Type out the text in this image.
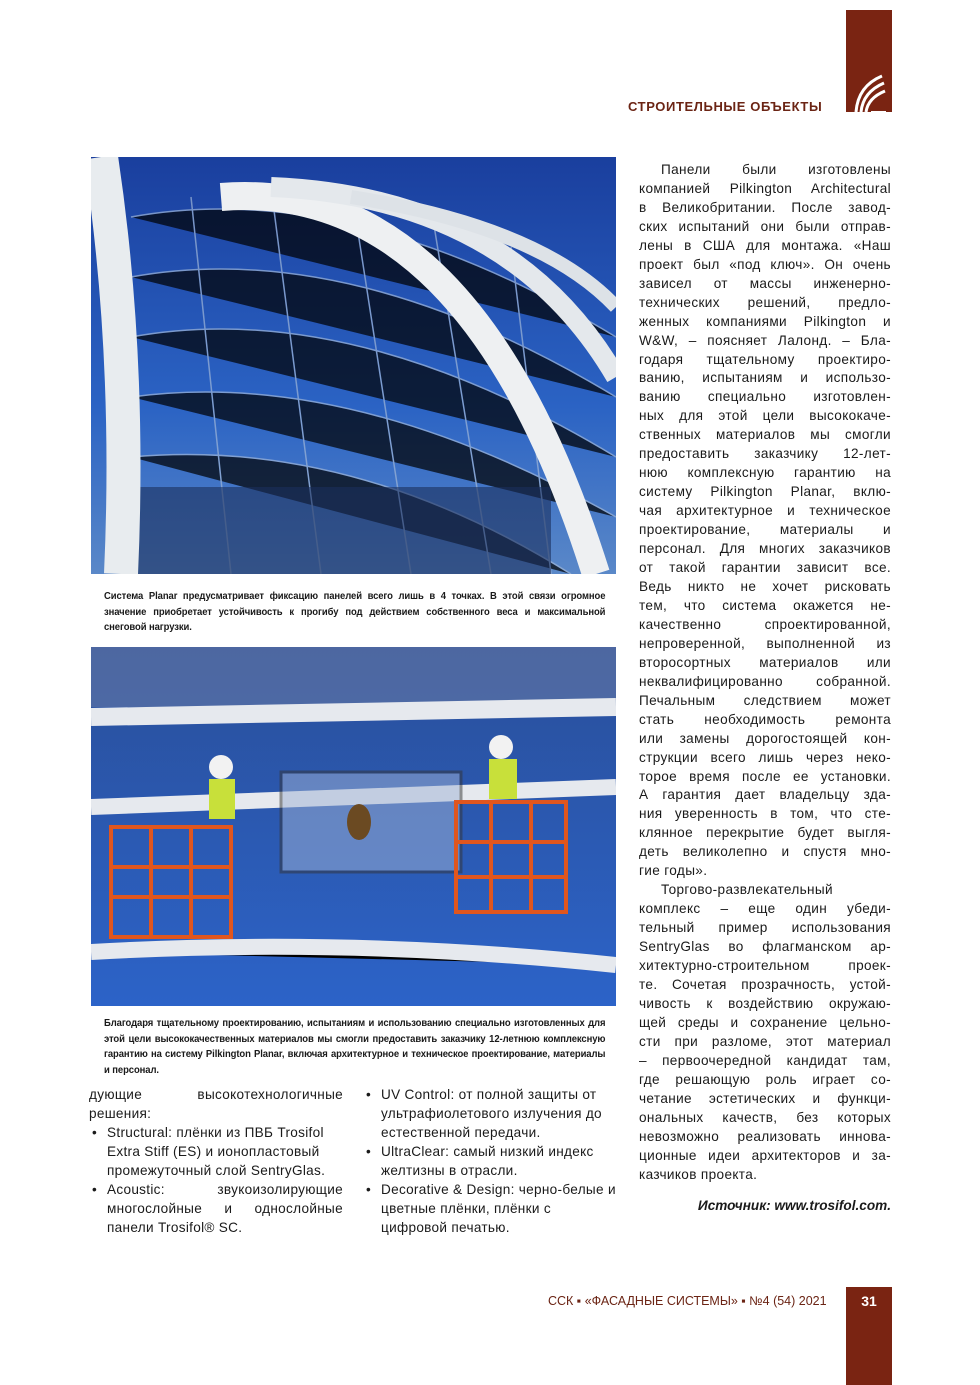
СТРОИТЕЛЬНЫЕ ОБЪЕКТЫ
Система Planar предусматривает фиксацию панелей всего лишь в 4 точках. В этой связи огромное значение приобретает устойчивость к прогибу под действием собственного веса и максимальной снеговой нагрузки.
Благодаря тщательному проектированию, испытаниям и использованию специально изготовленных для этой цели высококачественных материалов мы смогли предоставить заказчику 12-летнюю комплексную гарантию на систему Pilkington Planar, включая архитектурное и техническое проектирование, материалы и персонал.
Панели были изготовлены
компанией Pilkington Architectural
в Великобритании. После завод-
ских испытаний они были отправ-
лены в США для монтажа. «Наш
проект был «под ключ». Он очень
зависел от массы инженерно-
технических решений, предло-
женных компаниями Pilkington и
W&W, – поясняет Лалонд. – Бла-
годаря тщательному проектиро-
ванию, испытаниям и использо-
ванию специально изготовлен-
ных для этой цели высококаче-
ственных материалов мы смогли
предоставить заказчику 12-лет-
нюю комплексную гарантию на
систему Pilkington Planar, вклю-
чая архитектурное и техническое
проектирование, материалы и
персонал. Для многих заказчиков
от такой гарантии зависит все.
Ведь никто не хочет рисковать
тем, что система окажется не-
качественно спроектированной,
непроверенной, выполненной из
второсортных материалов или
неквалифицированно собранной.
Печальным следствием может
стать необходимость ремонта
или замены дорогостоящей кон-
струкции всего лишь через неко-
торое время после ее установки.
А гарантия дает владельцу зда-
ния уверенность в том, что сте-
клянное перекрытие будет выгля-
деть великолепно и спустя мно-
гие годы».
Торгово-развлекательный
комплекс – еще один убеди-
тельный пример использования
SentryGlas во флагманском ар-
хитектурно-строительном проек-
те. Сочетая прозрачность, устой-
чивость к воздействию окружаю-
щей среды и сохранение цельно-
сти при разломе, этот материал
– первоочередной кандидат там,
где решающую роль играет со-
четание эстетических и функци-
ональных качеств, без которых
невозможно реализовать иннова-
ционные идеи архитекторов и за-
казчиков проекта.
Источник: www.trosifol.com.
дующие высокотехнологичные
решения:
• Structural: плёнки из ПВБ Trosifol Extra Stiff (ES) и ионопластовый промежуточный слой SentryGlas.
• Acoustic: звукоизолирующие многослойные и однослойные панели Trosifol® SC.
• UV Control: от полной защиты от ультрафиолетового излучения до естественной передачи.
• UltraClear: самый низкий индекс желтизны в отрасли.
• Decorative & Design: черно-белые и цветные плёнки, плёнки с цифровой печатью.
ССК ▪ «ФАСАДНЫЕ СИСТЕМЫ» ▪ №4 (54) 2021	31
